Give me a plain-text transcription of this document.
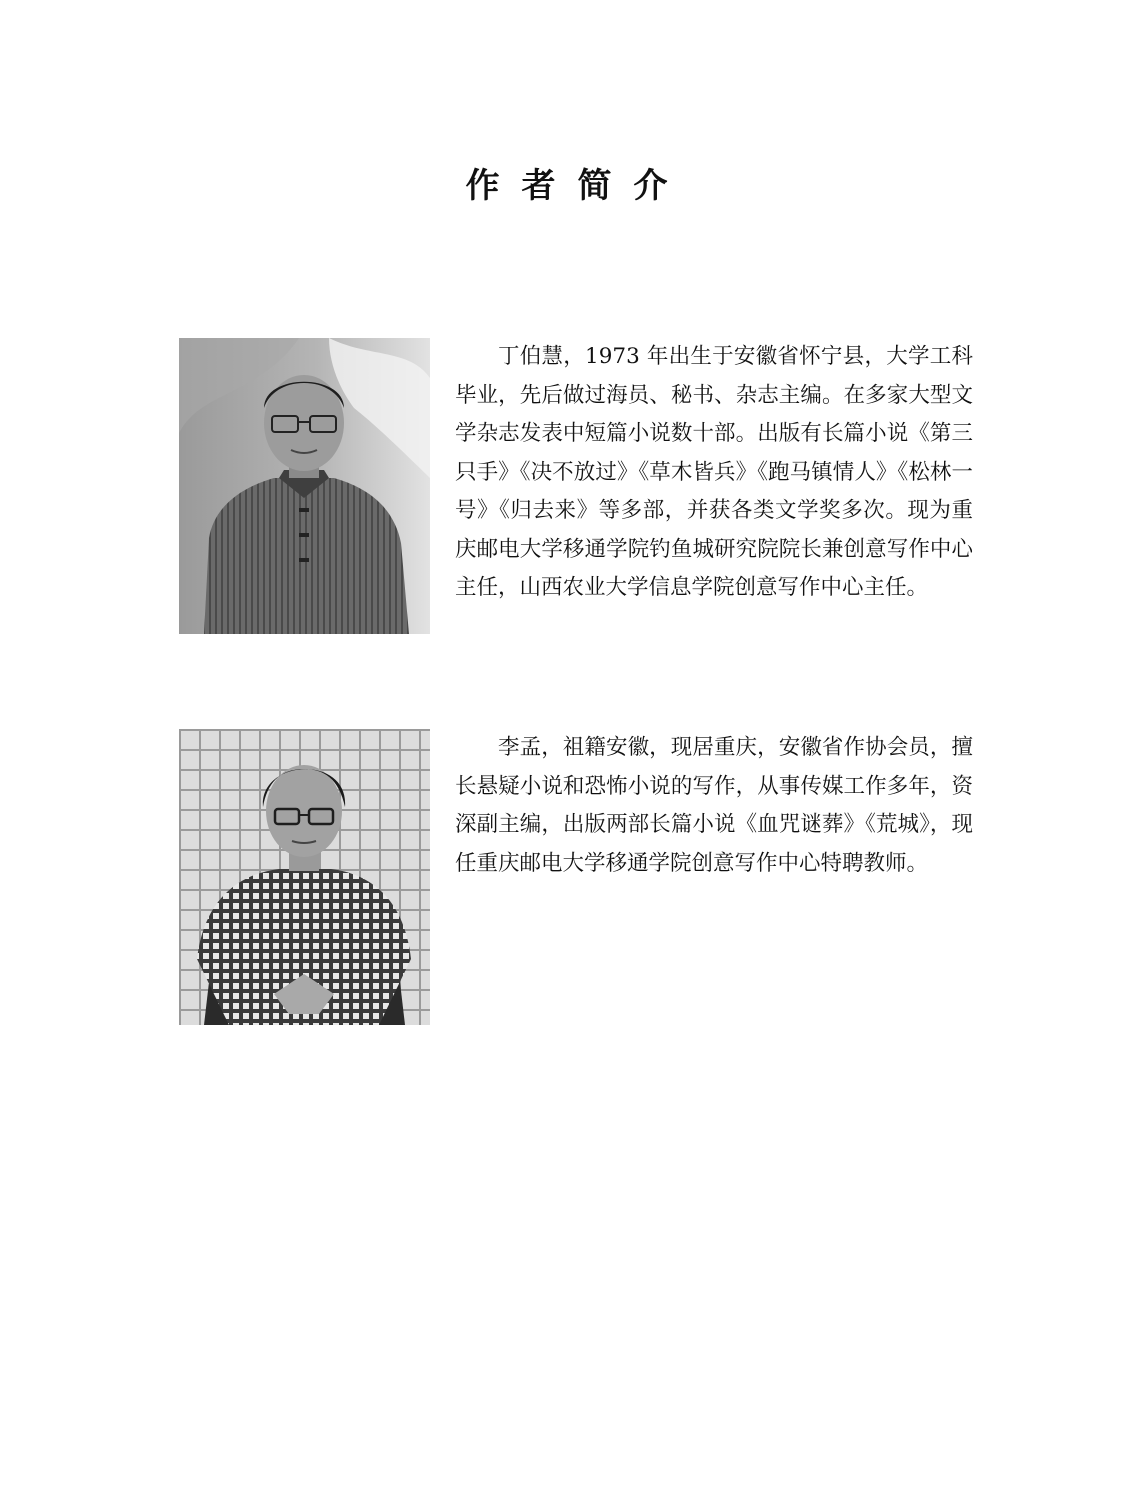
作者简介

丁伯慧，1973 年出生于安徽省怀宁县，大学工科毕业，先后做过海员、秘书、杂志主编。在多家大型文学杂志发表中短篇小说数十部。出版有长篇小说《第三只手》《决不放过》《草木皆兵》《跑马镇情人》《松林一号》《归去来》等多部，并获各类文学奖多次。现为重庆邮电大学移通学院钓鱼城研究院院长兼创意写作中心主任，山西农业大学信息学院创意写作中心主任。

李孟，祖籍安徽，现居重庆，安徽省作协会员，擅长悬疑小说和恐怖小说的写作，从事传媒工作多年，资深副主编，出版两部长篇小说《血咒谜葬》《荒城》，现任重庆邮电大学移通学院创意写作中心特聘教师。
